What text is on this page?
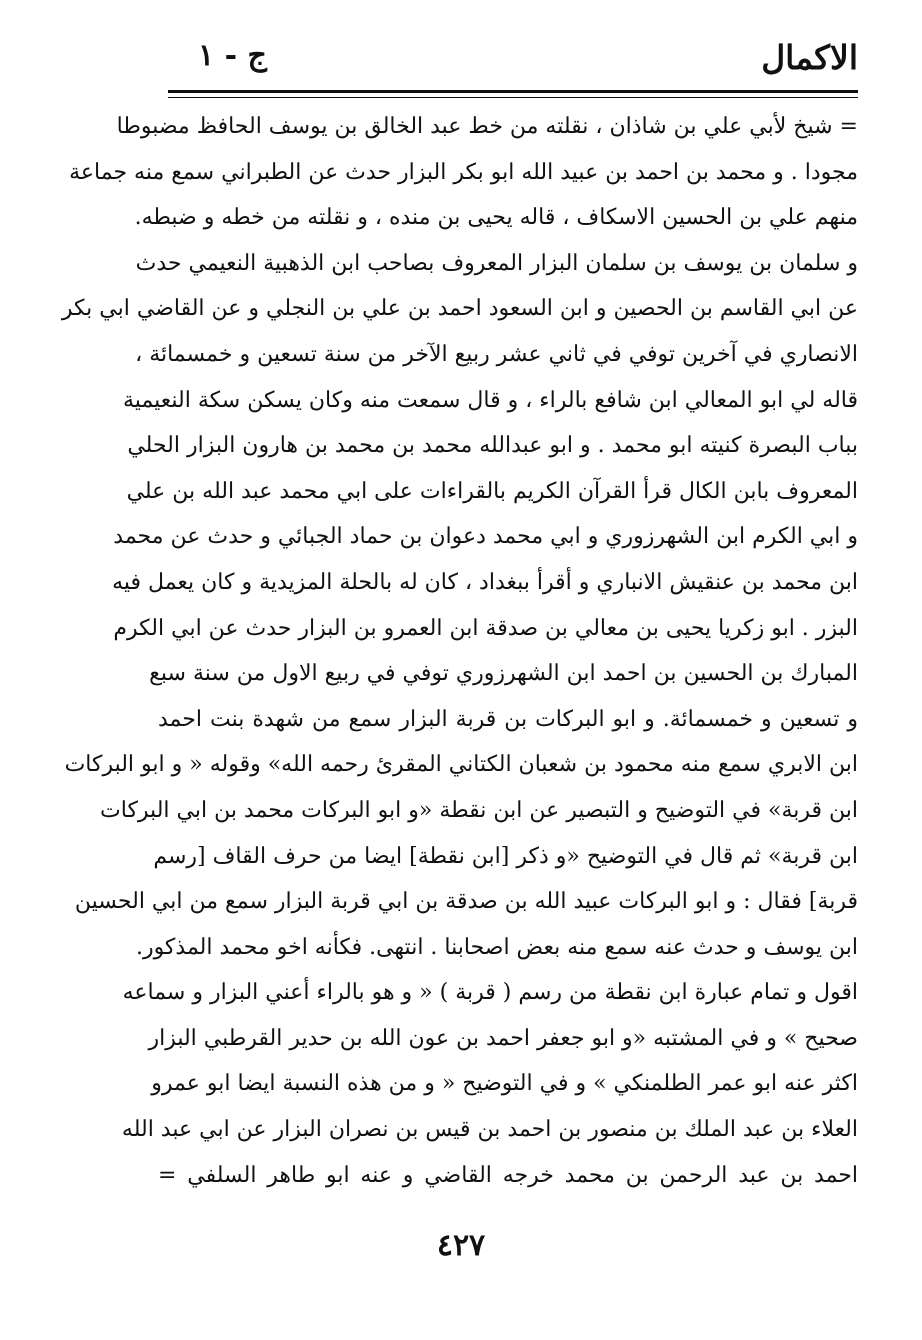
الاكمال
ج - ١
= شيخ لأبي علي بن شاذان ، نقلته من خط عبد الخالق بن يوسف الحافظ مضبوطا
مجودا . و محمد بن احمد بن عبيد الله ابو بكر البزار حدث عن الطبراني سمع منه جماعة
منهم علي بن الحسين الاسكاف ، قاله يحيى بن منده ، و نقلته من خطه و ضبطه.
و سلمان بن يوسف بن سلمان البزار المعروف بصاحب ابن الذهبية النعيمي حدث
عن ابي القاسم بن الحصين و ابن السعود احمد بن علي بن النجلي و عن القاضي ابي بكر
الانصاري في آخرين توفي في ثاني عشر ربيع الآخر من سنة تسعين و خمسمائة ،
قاله لي ابو المعالي ابن شافع بالراء ، و قال سمعت منه وكان يسكن سكة النعيمية
بباب البصرة كنيته ابو محمد . و ابو عبدالله محمد بن محمد بن هارون البزار الحلي
المعروف بابن الكال قرأ القرآن الكريم بالقراءات على ابي محمد عبد الله بن علي
و ابي الكرم ابن الشهرزوري و ابي محمد دعوان بن حماد الجبائي و حدث عن محمد
ابن محمد بن عنقيش الانباري و أقرأ ببغداد ، كان له بالحلة المزيدية و كان يعمل فيه
البزر . ابو زكريا يحيى بن معالي بن صدقة ابن العمرو بن البزار حدث عن ابي الكرم
المبارك بن الحسين بن احمد ابن الشهرزوري توفي في ربيع الاول من سنة سبع
و تسعين و خمسمائة. و ابو البركات بن قربة البزار سمع من شهدة بنت احمد
ابن الابري سمع منه محمود بن شعبان الكتاني المقرئ رحمه الله» وقوله « و ابو البركات
ابن قربة» في التوضيح و التبصير عن ابن نقطة «و ابو البركات محمد بن ابي البركات
ابن قربة» ثم قال في التوضيح «و ذكر [ابن نقطة] ايضا من حرف القاف [رسم
قربة] فقال : و ابو البركات عبيد الله بن صدقة بن ابي قربة البزار سمع من ابي الحسين
ابن يوسف و حدث عنه سمع منه بعض اصحابنا . انتهى. فكأنه اخو محمد المذكور.
اقول و تمام عبارة ابن نقطة من رسم ( قربة ) « و هو بالراء أعني البزار و سماعه
صحيح » و في المشتبه «و ابو جعفر احمد بن عون الله بن حدير القرطبي البزار
اكثر عنه ابو عمر الطلمنكي » و في التوضيح « و من هذه النسبة ايضا ابو عمرو
العلاء بن عبد الملك بن منصور بن احمد بن قيس بن نصران البزار عن ابي عبد الله
احمد بن عبد الرحمن بن محمد خرجه القاضي و عنه ابو طاهر السلفي =
٤٢٧
